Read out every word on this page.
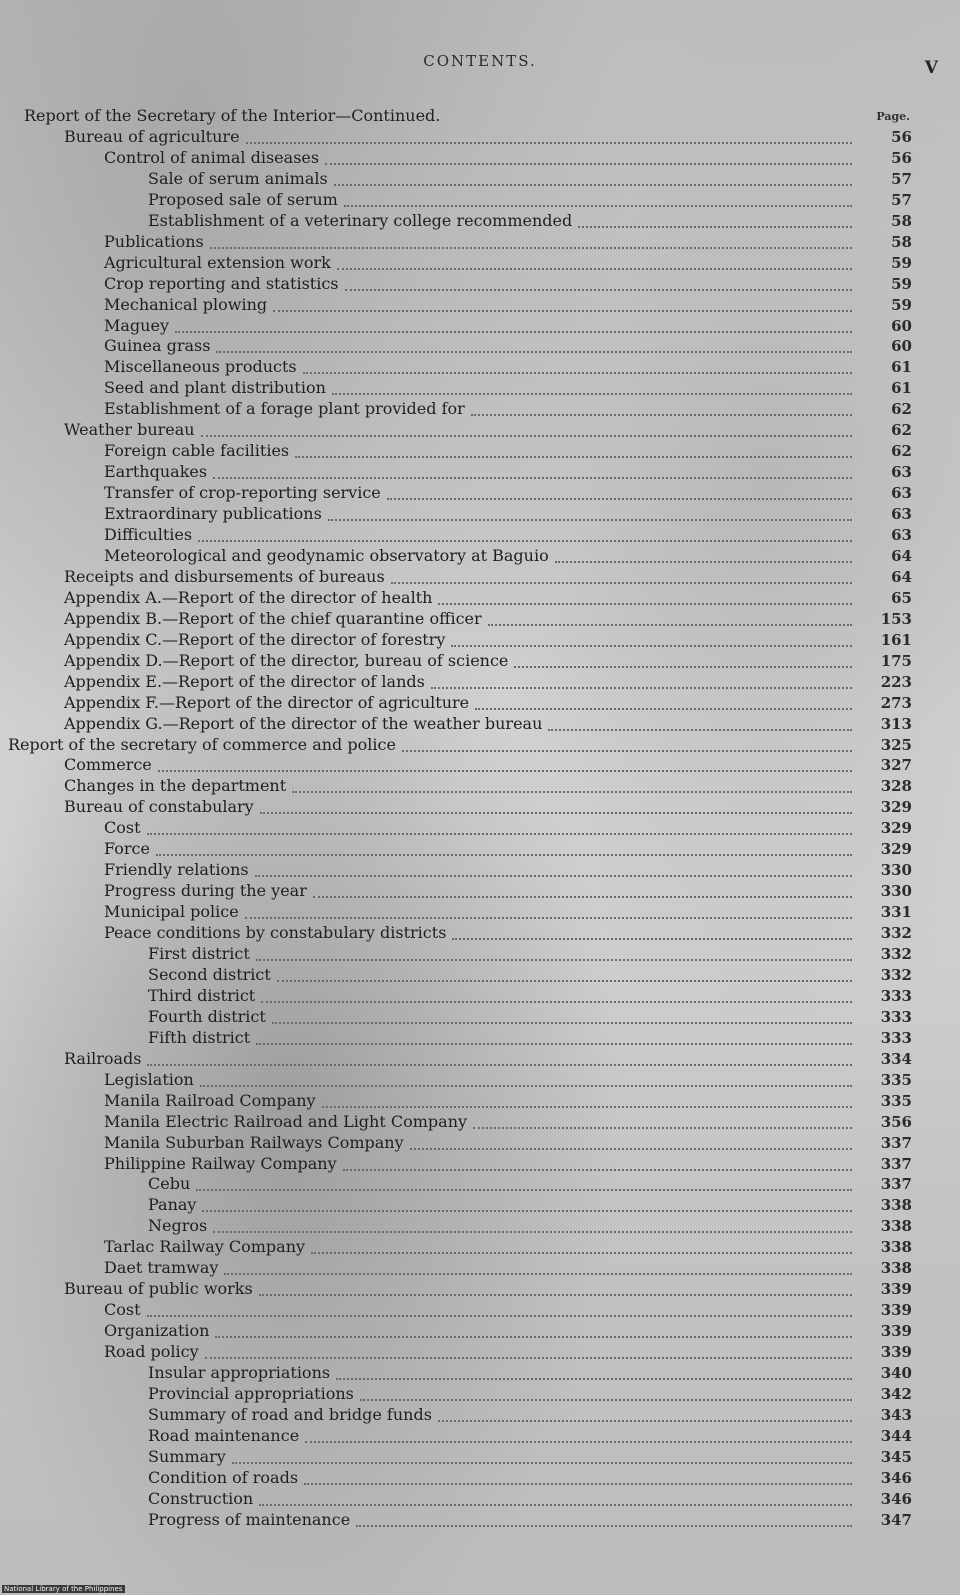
CONTENTS.	V
Page.
Report of the Secretary of the Interior—Continued.
Bureau of agriculture	56
Control of animal diseases	56
Sale of serum animals	57
Proposed sale of serum	57
Establishment of a veterinary college recommended	58
Publications	58
Agricultural extension work	59
Crop reporting and statistics	59
Mechanical plowing	59
Maguey	60
Guinea grass	60
Miscellaneous products	61
Seed and plant distribution	61
Establishment of a forage plant provided for	62
Weather bureau	62
Foreign cable facilities	62
Earthquakes	63
Transfer of crop-reporting service	63
Extraordinary publications	63
Difficulties	63
Meteorological and geodynamic observatory at Baguio	64
Receipts and disbursements of bureaus	64
Appendix A.—Report of the director of health	65
Appendix B.—Report of the chief quarantine officer	153
Appendix C.—Report of the director of forestry	161
Appendix D.—Report of the director, bureau of science	175
Appendix E.—Report of the director of lands	223
Appendix F.—Report of the director of agriculture	273
Appendix G.—Report of the director of the weather bureau	313
Report of the secretary of commerce and police	325
Commerce	327
Changes in the department	328
Bureau of constabulary	329
Cost	329
Force	329
Friendly relations	330
Progress during the year	330
Municipal police	331
Peace conditions by constabulary districts	332
First district	332
Second district	332
Third district	333
Fourth district	333
Fifth district	333
Railroads	334
Legislation	335
Manila Railroad Company	335
Manila Electric Railroad and Light Company	356
Manila Suburban Railways Company	337
Philippine Railway Company	337
Cebu	337
Panay	338
Negros	338
Tarlac Railway Company	338
Daet tramway	338
Bureau of public works	339
Cost	339
Organization	339
Road policy	339
Insular appropriations	340
Provincial appropriations	342
Summary of road and bridge funds	343
Road maintenance	344
Summary	345
Condition of roads	346
Construction	346
Progress of maintenance	347
National Library of the Philippines
